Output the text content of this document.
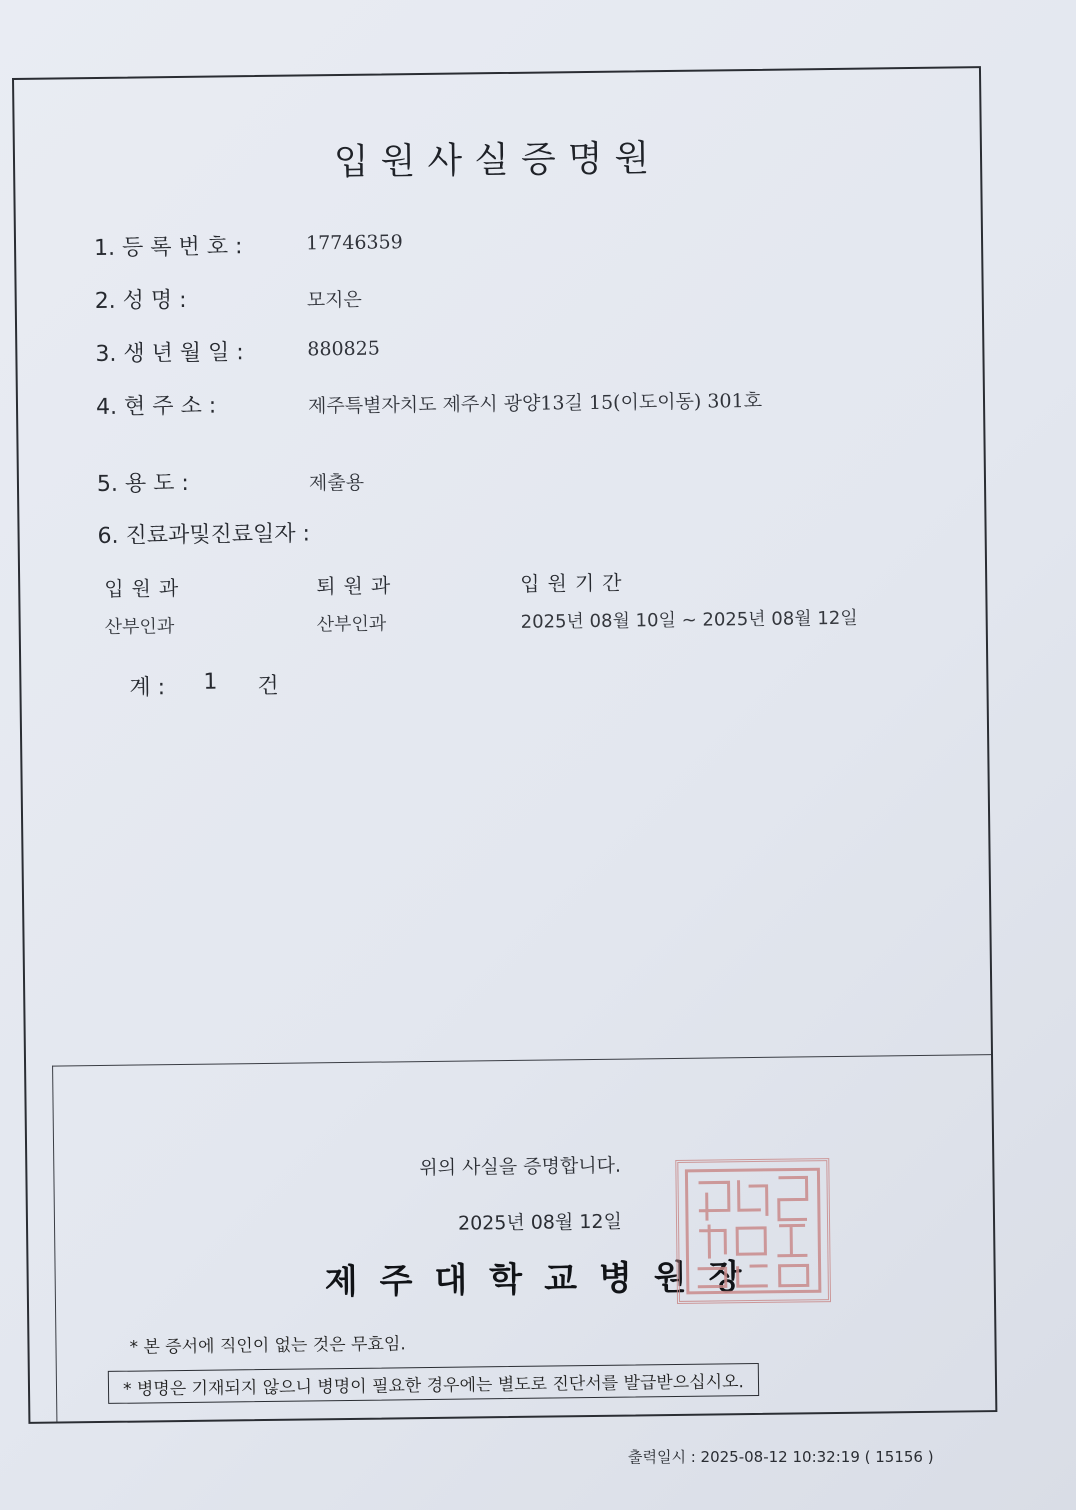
입원사실증명원
1. 등 록 번 호 :	17746359
2. 성 명 :	모지은
3. 생 년 월 일 :	880825
4. 현 주 소 :	제주특별자치도 제주시 광양13길 15(이도이동) 301호
5. 용 도 :	제출용
6. 진료과및진료일자 :
입원과	퇴원과	입원기간
산부인과	산부인과	2025년 08월 10일 ~ 2025년 08월 12일
계 : 1 건
위의 사실을 증명합니다.
2025년 08월 12일
제주대학교병원장
* 본 증서에 직인이 없는 것은 무효임.
* 병명은 기재되지 않으니 병명이 필요한 경우에는 별도로 진단서를 발급받으십시오.
출력일시 : 2025-08-12 10:32:19 ( 15156 )
